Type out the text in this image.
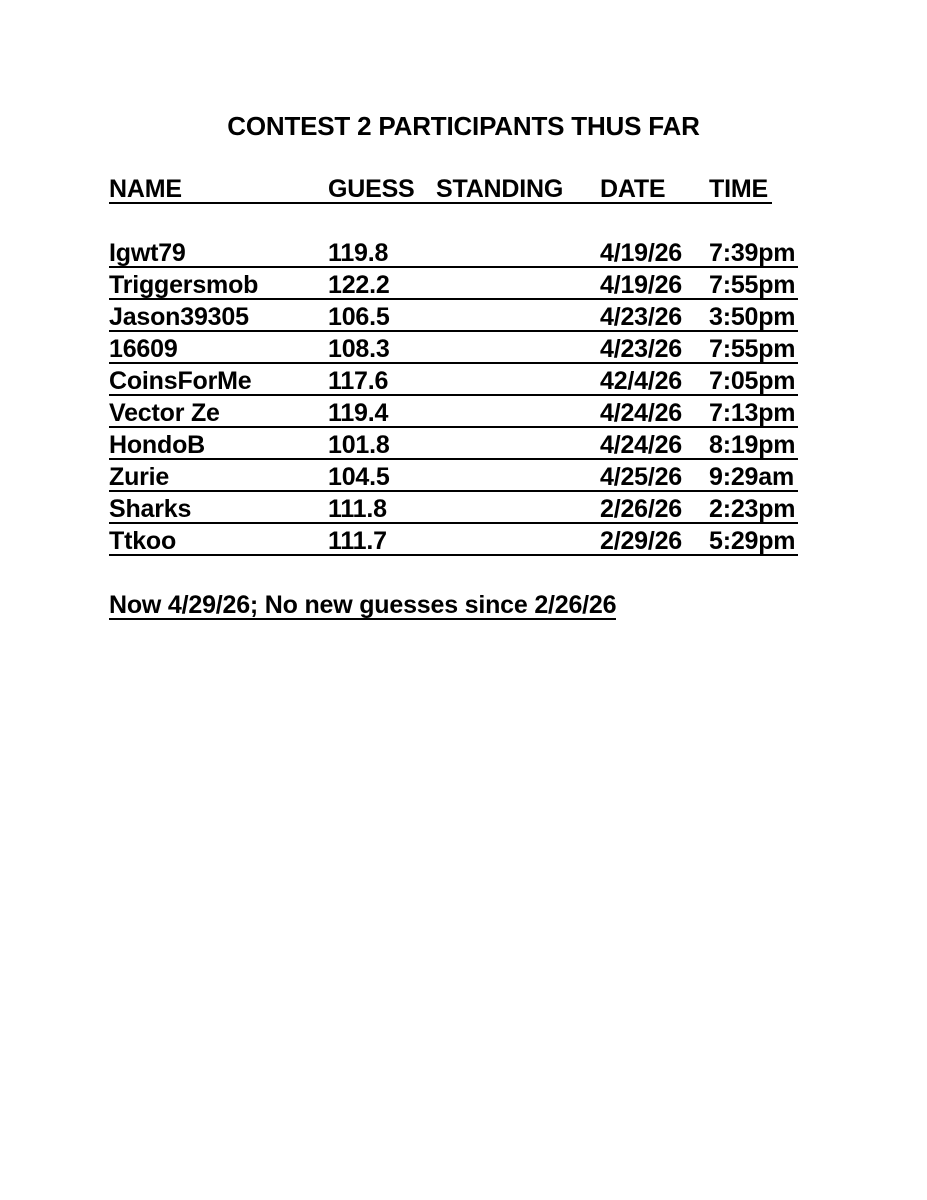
CONTEST 2 PARTICIPANTS THUS FAR
NAME	GUESS STANDING DATE TIME
Igwt79	119.8	4/19/26 7:39pm
Triggersmob	122.2	4/19/26 7:55pm
Jason39305	106.5	4/23/26 3:50pm
16609	108.3	4/23/26 7:55pm
CoinsForMe	117.6	42/4/26 7:05pm
Vector Ze	119.4	4/24/26 7:13pm
HondoB	101.8	4/24/26 8:19pm
Zurie	104.5	4/25/26 9:29am
Sharks	111.8	2/26/26 2:23pm
Ttkoo	111.7	2/29/26 5:29pm
Now 4/29/26; No new guesses since 2/26/26
